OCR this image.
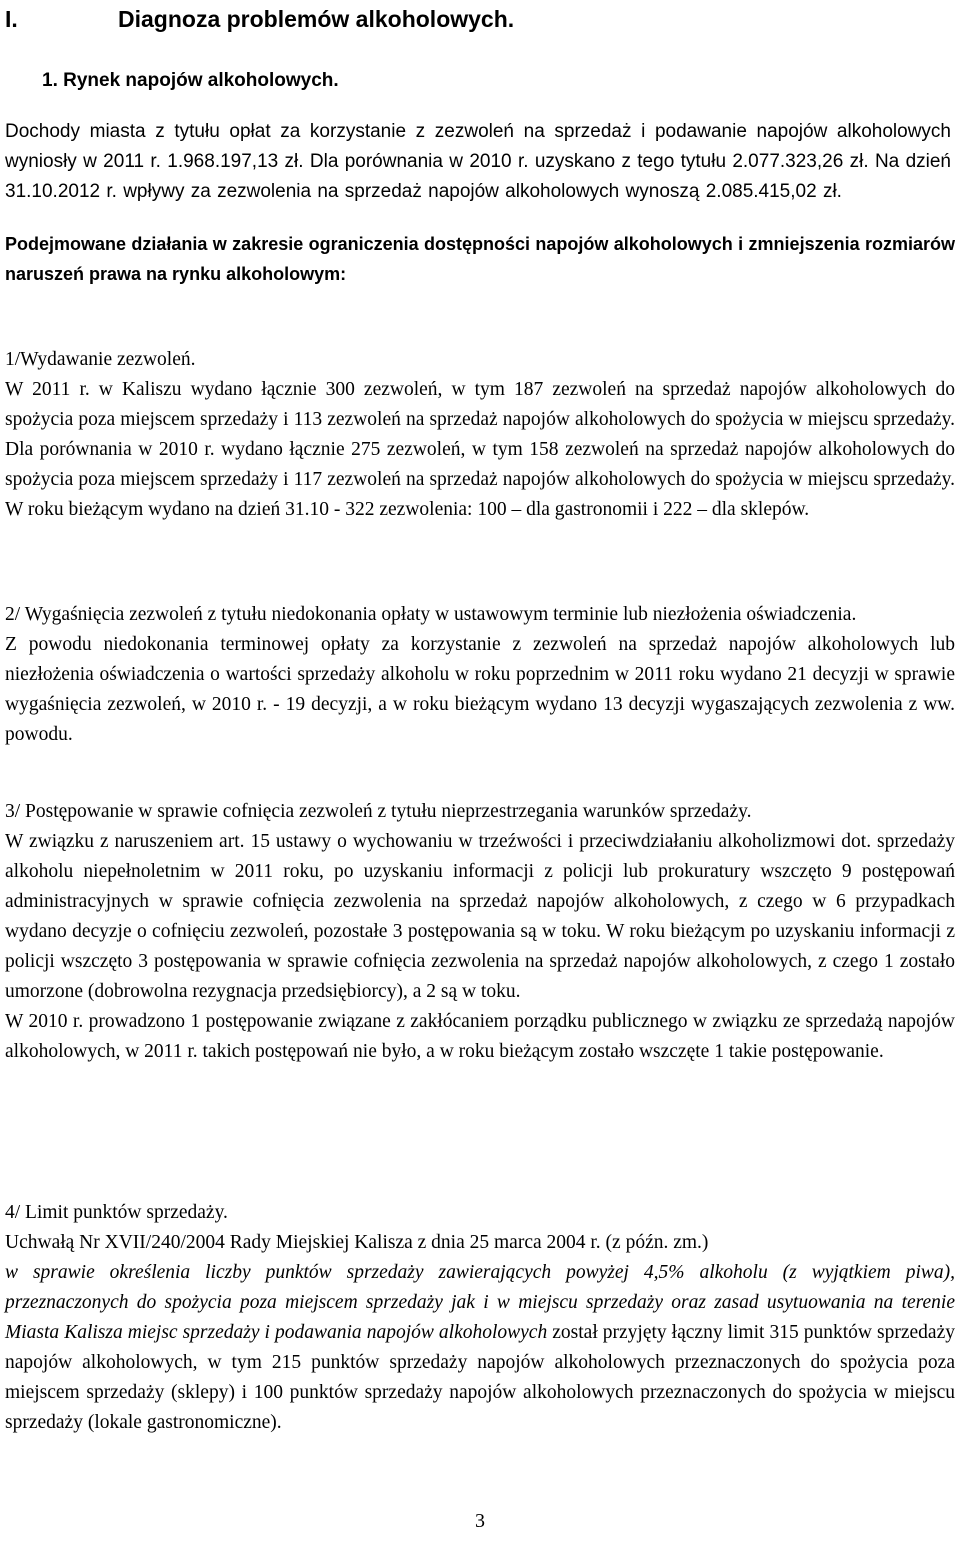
I.	Diagnoza problemów alkoholowych.
1. Rynek napojów alkoholowych.
Dochody miasta z tytułu opłat za korzystanie z zezwoleń na sprzedaż i podawanie napojów alkoholowych wyniosły w 2011 r. 1.968.197,13 zł. Dla porównania w 2010 r. uzyskano z tego tytułu 2.077.323,26 zł. Na dzień 31.10.2012 r. wpływy za zezwolenia na sprzedaż napojów alkoholowych wynoszą 2.085.415,02 zł.
Podejmowane działania w zakresie ograniczenia dostępności napojów alkoholowych i zmniejszenia rozmiarów naruszeń prawa na rynku alkoholowym:

1/Wydawanie zezwoleń.

W 2011 r. w Kaliszu wydano łącznie 300 zezwoleń, w tym 187 zezwoleń na sprzedaż napojów alkoholowych do spożycia poza miejscem sprzedaży i 113 zezwoleń na sprzedaż napojów alkoholowych do spożycia w miejscu sprzedaży. Dla porównania w 2010 r. wydano łącznie 275 zezwoleń, w tym 158 zezwoleń na sprzedaż napojów alkoholowych do spożycia poza miejscem sprzedaży i 117 zezwoleń na sprzedaż napojów alkoholowych do spożycia w miejscu sprzedaży. W roku bieżącym wydano na dzień 31.10 - 322 zezwolenia: 100 – dla gastronomii i 222 – dla sklepów.

2/ Wygaśnięcia zezwoleń z tytułu niedokonania opłaty w ustawowym terminie lub niezłożenia oświadczenia.

Z powodu niedokonania terminowej opłaty za korzystanie z zezwoleń na sprzedaż napojów alkoholowych lub niezłożenia oświadczenia o wartości sprzedaży alkoholu w roku poprzednim w 2011 roku wydano 21 decyzji w sprawie wygaśnięcia zezwoleń, w 2010 r. - 19 decyzji, a w roku bieżącym wydano 13 decyzji wygaszających zezwolenia z ww. powodu.

3/ Postępowanie w sprawie cofnięcia zezwoleń z tytułu nieprzestrzegania warunków sprzedaży.

W związku z naruszeniem art. 15 ustawy o wychowaniu w trzeźwości i przeciwdziałaniu alkoholizmowi dot. sprzedaży alkoholu niepełnoletnim w 2011 roku, po uzyskaniu informacji z policji lub prokuratury wszczęto 9 postępowań administracyjnych w sprawie cofnięcia zezwolenia na sprzedaż napojów alkoholowych, z czego w 6 przypadkach wydano decyzje o cofnięciu zezwoleń, pozostałe 3 postępowania są w toku. W roku bieżącym po uzyskaniu informacji z policji wszczęto 3 postępowania w sprawie cofnięcia zezwolenia na sprzedaż napojów alkoholowych, z czego 1 zostało umorzone (dobrowolna rezygnacja przedsiębiorcy), a 2 są w toku.

W 2010 r. prowadzono 1 postępowanie związane z zakłócaniem porządku publicznego w związku ze sprzedażą napojów alkoholowych, w 2011 r. takich postępowań nie było, a w roku bieżącym zostało wszczęte 1 takie postępowanie.

4/ Limit punktów sprzedaży.

Uchwałą Nr XVII/240/2004 Rady Miejskiej Kalisza z dnia 25 marca 2004 r. (z późn. zm.)

w sprawie określenia liczby punktów sprzedaży zawierających powyżej 4,5% alkoholu (z wyjątkiem piwa), przeznaczonych do spożycia poza miejscem sprzedaży jak i w miejscu sprzedaży oraz zasad usytuowania na terenie Miasta Kalisza miejsc sprzedaży i podawania napojów alkoholowych został przyjęty łączny limit 315 punktów sprzedaży napojów alkoholowych, w tym 215 punktów sprzedaży napojów alkoholowych przeznaczonych do spożycia poza miejscem sprzedaży (sklepy) i 100 punktów sprzedaży napojów alkoholowych przeznaczonych do spożycia w miejscu sprzedaży (lokale gastronomiczne).

3
